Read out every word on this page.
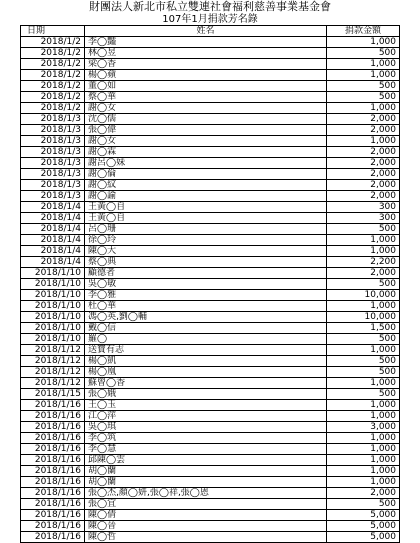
財團法人新北市私立雙連社會福利慈善事業基金會
107年1月捐款芳名錄
日期	姓名	捐款金額
2018/1/2	李◯豔	1,000
2018/1/2	林◯昱	500
2018/1/2	梁◯香	1,000
2018/1/2	楊◯蘋	1,000
2018/1/2	董◯如	500
2018/1/2	蔡◯華	500
2018/1/2	謝◯女	1,000
2018/1/3	沈◯儒	2,000
2018/1/3	張◯偉	2,000
2018/1/3	謝◯女	1,000
2018/1/3	謝◯霖	2,000
2018/1/3	謝呂◯妹	2,000
2018/1/3	謝◯倫	2,000
2018/1/3	謝◯紋	2,000
2018/1/3	謝◯諭	2,000
2018/1/4	王黃◯自	300
2018/1/4	王黃◯自	300
2018/1/4	呂◯珊	500
2018/1/4	徐◯玲	1,000
2018/1/4	陳◯大	1,000
2018/1/4	蔡◯典	2,200
2018/1/10	顧德者	2,000
2018/1/10	吳◯敏	500
2018/1/10	李◯雅	10,000
2018/1/10	杜◯華	1,000
2018/1/10	馮◯英,劉◯輔	10,000
2018/1/10	戴◯信	1,500
2018/1/10	羅◯	500
2018/1/12	送寶有志	1,000
2018/1/12	楊◯凱	500
2018/1/12	楊◯凰	500
2018/1/12	蘇曾◯香	1,000
2018/1/15	張◯娥	500
2018/1/16	王◯玉	1,000
2018/1/16	江◯萍	1,000
2018/1/16	吳◯琪	3,000
2018/1/16	李◯筑	1,000
2018/1/16	李◯慧	1,000
2018/1/16	邱陳◯雲	1,000
2018/1/16	胡◯蘭	1,000
2018/1/16	胡◯蘭	1,000
2018/1/16	張◯杰,顏◯妍,張◯祥,張◯恩	2,000
2018/1/16	張◯宜	500
2018/1/16	陳◯倩	5,000
2018/1/16	陳◯晉	5,000
2018/1/16	陳◯哲	5,000
